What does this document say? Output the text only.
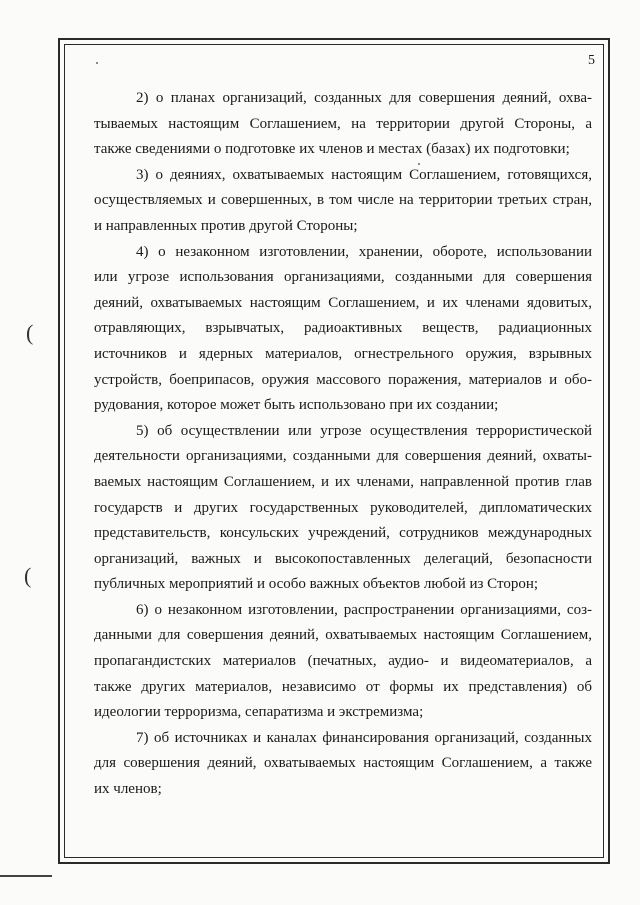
5
(
(

2) о планах организаций, созданных для совершения деяний, охва-
тываемых настоящим Соглашением, на территории другой Стороны, а
также сведениями о подготовке их членов и местах (базах) их подготовки;

3) о деяниях, охватываемых настоящим Соглашением, готовящихся,
осуществляемых и совершенных, в том числе на территории третьих стран,
и направленных против другой Стороны;

4) о незаконном изготовлении, хранении, обороте, использовании
или угрозе использования организациями, созданными для совершения
деяний, охватываемых настоящим Соглашением, и их членами ядовитых,
отравляющих, взрывчатых, радиоактивных веществ, радиационных
источников и ядерных материалов, огнестрельного оружия, взрывных
устройств, боеприпасов, оружия массового поражения, материалов и обо-
рудования, которое может быть использовано при их создании;

5) об осуществлении или угрозе осуществления террористической
деятельности организациями, созданными для совершения деяний, охваты-
ваемых настоящим Соглашением, и их членами, направленной против глав
государств и других государственных руководителей, дипломатических
представительств, консульских учреждений, сотрудников международных
организаций, важных и высокопоставленных делегаций, безопасности
публичных мероприятий и особо важных объектов любой из Сторон;

6) о незаконном изготовлении, распространении организациями, соз-
данными для совершения деяний, охватываемых настоящим Соглашением,
пропагандистских материалов (печатных, аудио- и видеоматериалов, а
также других материалов, независимо от формы их представления) об
идеологии терроризма, сепаратизма и экстремизма;

7) об источниках и каналах финансирования организаций, созданных
для совершения деяний, охватываемых настоящим Соглашением, а также
их членов;
